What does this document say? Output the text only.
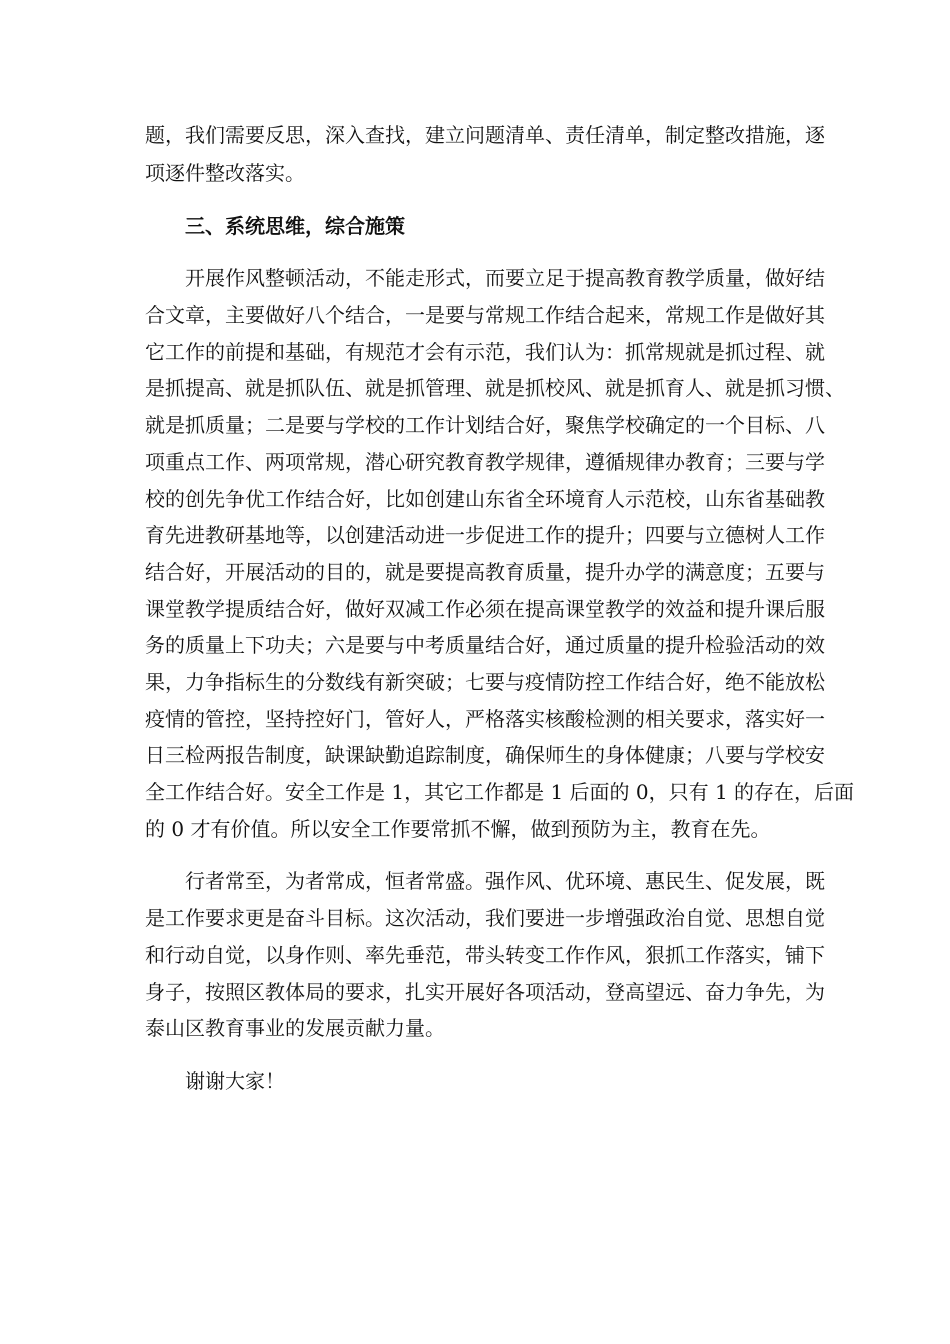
题，我们需要反思，深入查找，建立问题清单、责任清单，制定整改措施，逐
项逐件整改落实。
三、系统思维，综合施策
开展作风整顿活动，不能走形式，而要立足于提高教育教学质量，做好结
合文章，主要做好八个结合，一是要与常规工作结合起来，常规工作是做好其
它工作的前提和基础，有规范才会有示范，我们认为：抓常规就是抓过程、就
是抓提高、就是抓队伍、就是抓管理、就是抓校风、就是抓育人、就是抓习惯、
就是抓质量；二是要与学校的工作计划结合好，聚焦学校确定的一个目标、八
项重点工作、两项常规，潜心研究教育教学规律，遵循规律办教育；三要与学
校的创先争优工作结合好，比如创建山东省全环境育人示范校，山东省基础教
育先进教研基地等，以创建活动进一步促进工作的提升；四要与立德树人工作
结合好，开展活动的目的，就是要提高教育质量，提升办学的满意度；五要与
课堂教学提质结合好，做好双减工作必须在提高课堂教学的效益和提升课后服
务的质量上下功夫；六是要与中考质量结合好，通过质量的提升检验活动的效
果，力争指标生的分数线有新突破；七要与疫情防控工作结合好，绝不能放松
疫情的管控，坚持控好门，管好人，严格落实核酸检测的相关要求，落实好一
日三检两报告制度，缺课缺勤追踪制度，确保师生的身体健康；八要与学校安
全工作结合好。安全工作是 1，其它工作都是 1 后面的 0，只有 1 的存在，后面
的 0 才有价值。所以安全工作要常抓不懈，做到预防为主，教育在先。
行者常至，为者常成，恒者常盛。强作风、优环境、惠民生、促发展，既
是工作要求更是奋斗目标。这次活动，我们要进一步增强政治自觉、思想自觉
和行动自觉，以身作则、率先垂范，带头转变工作作风，狠抓工作落实，铺下
身子，按照区教体局的要求，扎实开展好各项活动，登高望远、奋力争先，为
泰山区教育事业的发展贡献力量。
谢谢大家！
